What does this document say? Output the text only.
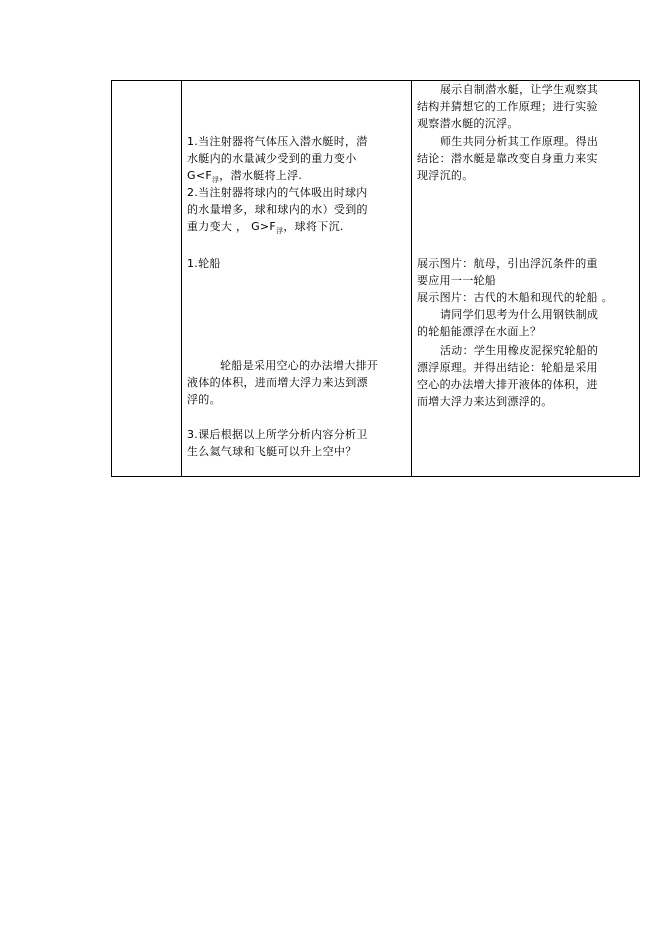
1.当注射器将气体压入潜水艇时，潜
水艇内的水量减少受到的重力变小
$G<F_浮$，潜水艇将上浮.
2.当注射器将球内的气体吸出时球内
的水量增多，球和球内的水）受到的
重力变大 ， $G>F_浮$，球将下沉.
1.轮船
轮船是采用空心的办法增大排开
液体的体积，进而增大浮力来达到漂
浮的。
3.课后根据以上所学分析内容分析卫
生么氦气球和飞艇可以升上空中？
展示自制潜水艇，让学生观察其
结构并猜想它的工作原理；进行实验
观察潜水艇的沉浮。
师生共同分析其工作原理。得出
结论：潜水艇是靠改变自身重力来实
现浮沉的。
展示图片：航母，引出浮沉条件的重
要应用一一轮船
展示图片：古代的木船和现代的轮船 。
请同学们思考为什么用钢铁制成
的轮船能漂浮在水面上？
活动：学生用橡皮泥探究轮船的
漂浮原理。并得出结论：轮船是采用
空心的办法增大排开液体的体积，进
而增大浮力来达到漂浮的。
